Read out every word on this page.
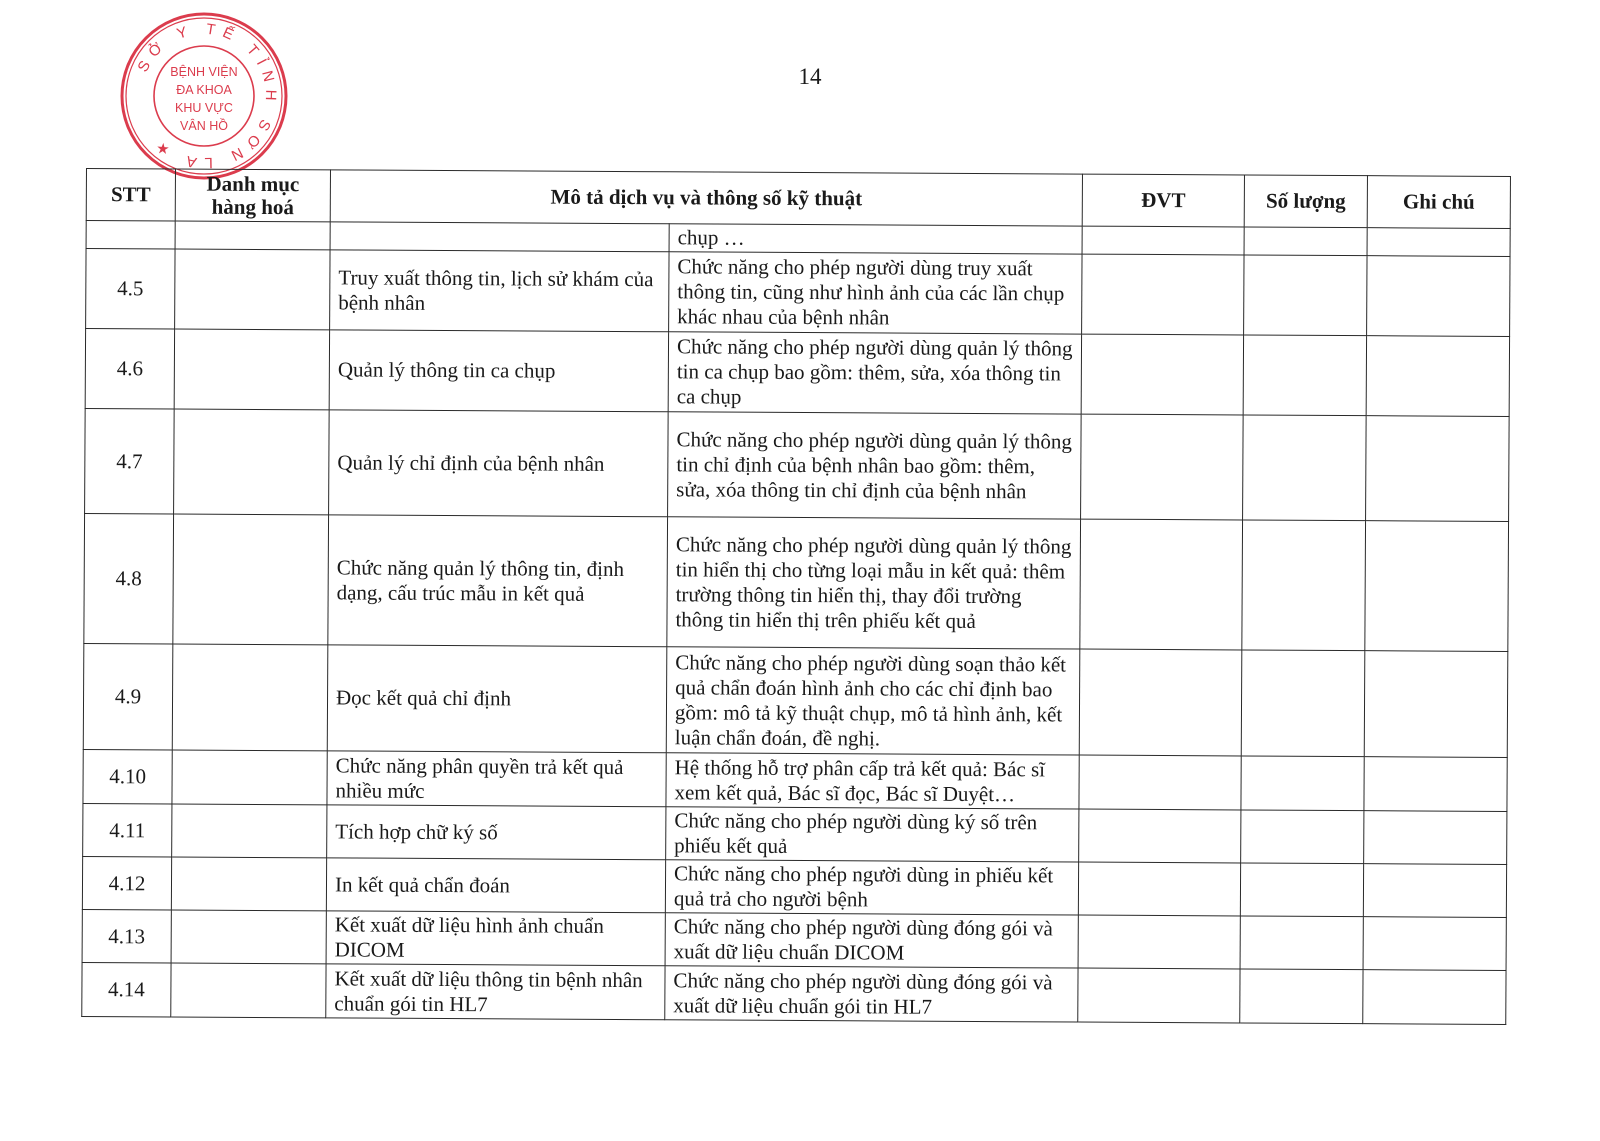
14
SỞ Y TẾ TỈNH SƠN LA ★
BỆNH VIỆN
ĐA KHOA
KHU VỰC
VÂN HỒ
STT	Danh mục hàng hoá	Mô tả dịch vụ và thông số kỹ thuật		ĐVT	Số lượng	Ghi chú
			chụp …			
4.5		Truy xuất thông tin, lịch sử khám của bệnh nhân	Chức năng cho phép người dùng truy xuất thông tin, cũng như hình ảnh của các lần chụp khác nhau của bệnh nhân			
4.6		Quản lý thông tin ca chụp	Chức năng cho phép người dùng quản lý thông tin ca chụp bao gồm: thêm, sửa, xóa thông tin ca chụp			
4.7		Quản lý chỉ định của bệnh nhân	Chức năng cho phép người dùng quản lý thông tin chỉ định của bệnh nhân bao gồm: thêm, sửa, xóa thông tin chỉ định của bệnh nhân			
4.8		Chức năng quản lý thông tin, định dạng, cấu trúc mẫu in kết quả	Chức năng cho phép người dùng quản lý thông tin hiển thị cho từng loại mẫu in kết quả: thêm trường thông tin hiển thị, thay đổi trường thông tin hiển thị trên phiếu kết quả			
4.9		Đọc kết quả chỉ định	Chức năng cho phép người dùng soạn thảo kết quả chẩn đoán hình ảnh cho các chỉ định bao gồm: mô tả kỹ thuật chụp, mô tả hình ảnh, kết luận chẩn đoán, đề nghị.			
4.10		Chức năng phân quyền trả kết quả nhiều mức	Hệ thống hỗ trợ phân cấp trả kết quả: Bác sĩ xem kết quả, Bác sĩ đọc, Bác sĩ Duyệt…			
4.11		Tích hợp chữ ký số	Chức năng cho phép người dùng ký số trên phiếu kết quả			
4.12		In kết quả chẩn đoán	Chức năng cho phép người dùng in phiếu kết quả trả cho người bệnh			
4.13		Kết xuất dữ liệu hình ảnh chuẩn DICOM	Chức năng cho phép người dùng đóng gói và xuất dữ liệu chuẩn DICOM			
4.14		Kết xuất dữ liệu thông tin bệnh nhân chuẩn gói tin HL7	Chức năng cho phép người dùng đóng gói và xuất dữ liệu chuẩn gói tin HL7			
